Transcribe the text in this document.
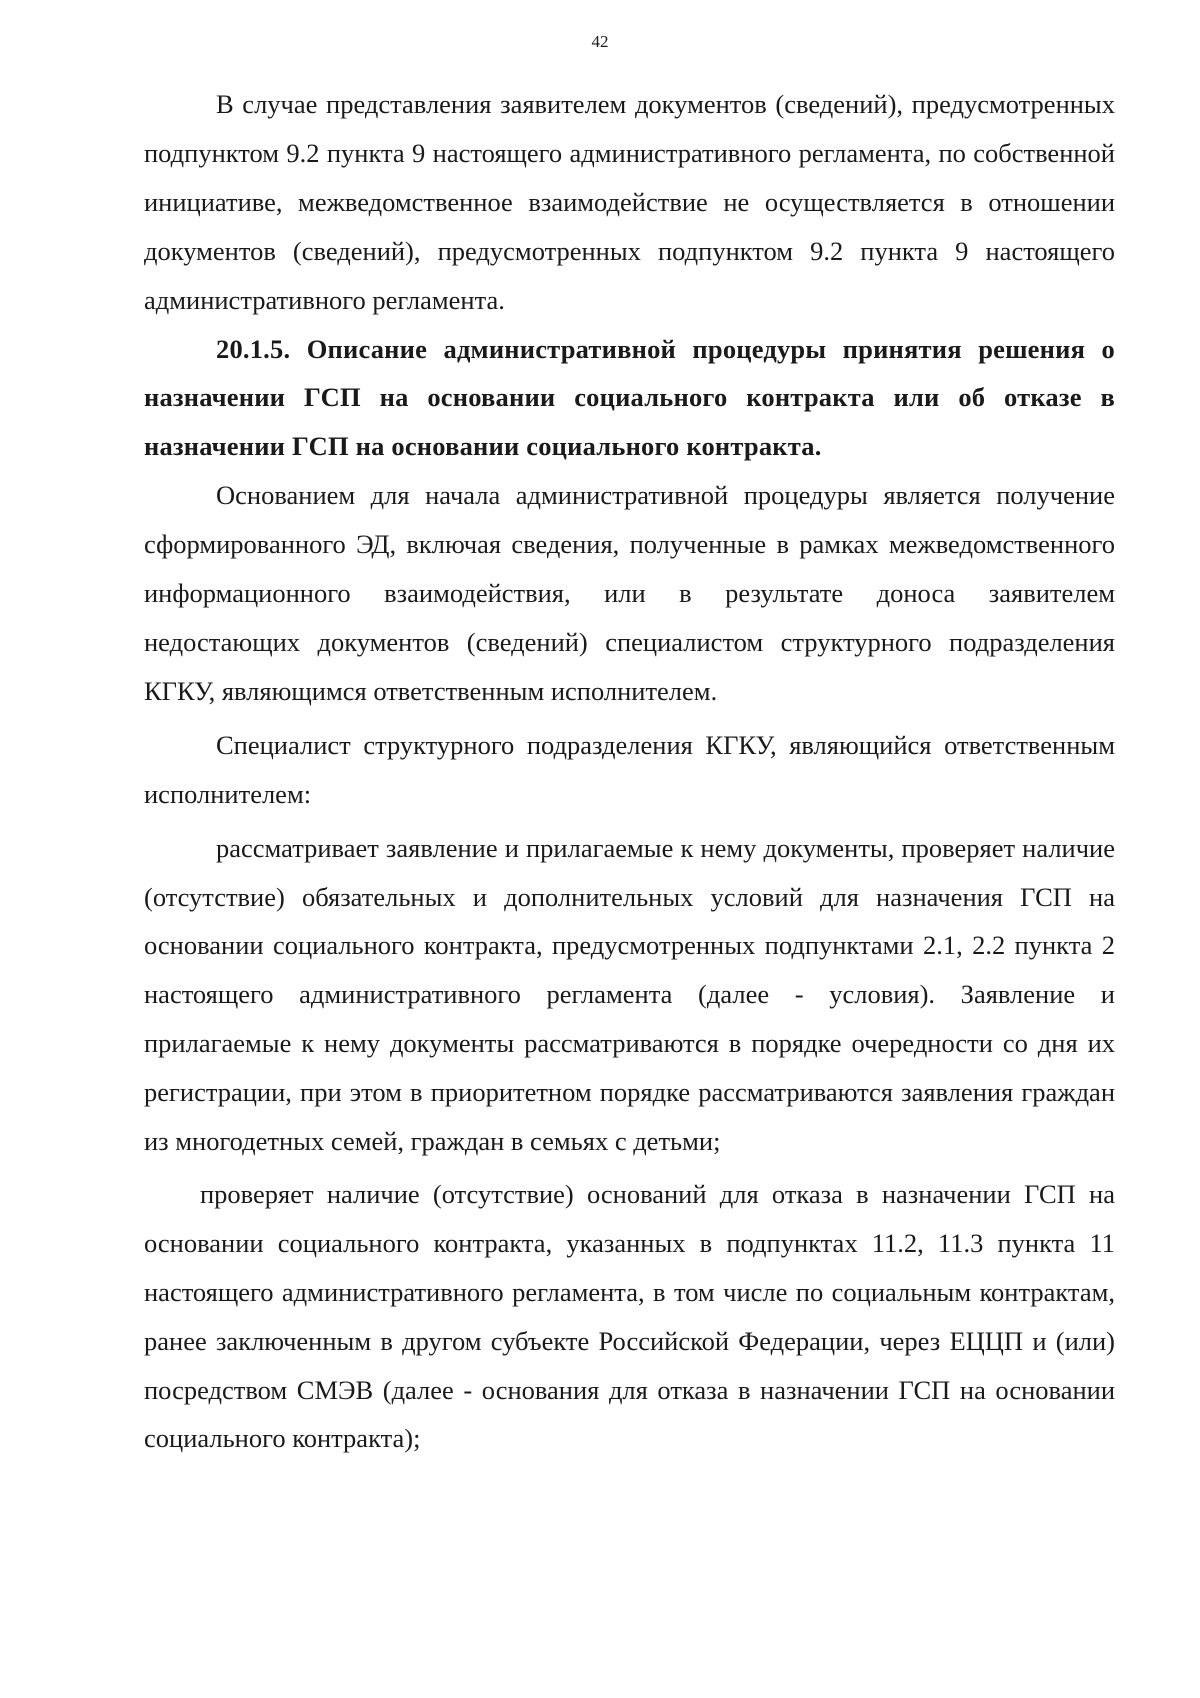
42

В случае представления заявителем документов (сведений), предусмотренных подпунктом 9.2 пункта 9 настоящего административного регламента, по собственной инициативе, межведомственное взаимодействие не осуществляется в отношении документов (сведений), предусмотренных подпунктом 9.2 пункта 9 настоящего административного регламента.

20.1.5. Описание административной процедуры принятия решения о назначении ГСП на основании социального контракта или об отказе в назначении ГСП на основании социального контракта.

Основанием для начала административной процедуры является получение сформированного ЭД, включая сведения, полученные в рамках межведомственного информационного взаимодействия, или в результате доноса заявителем недостающих документов (сведений) специалистом структурного подразделения КГКУ, являющимся ответственным исполнителем.

Специалист структурного подразделения КГКУ, являющийся ответственным исполнителем:

рассматривает заявление и прилагаемые к нему документы, проверяет наличие (отсутствие) обязательных и дополнительных условий для назначения ГСП на основании социального контракта, предусмотренных подпунктами 2.1, 2.2 пункта 2 настоящего административного регламента (далее - условия). Заявление и прилагаемые к нему документы рассматриваются в порядке очередности со дня их регистрации, при этом в приоритетном порядке рассматриваются заявления граждан из многодетных семей, граждан в семьях с детьми;

проверяет наличие (отсутствие) оснований для отказа в назначении ГСП на основании социального контракта, указанных в подпунктах 11.2, 11.3 пункта 11 настоящего административного регламента, в том числе по социальным контрактам, ранее заключенным в другом субъекте Российской Федерации, через ЕЦЦП и (или) посредством СМЭВ (далее - основания для отказа в назначении ГСП на основании социального контракта);
